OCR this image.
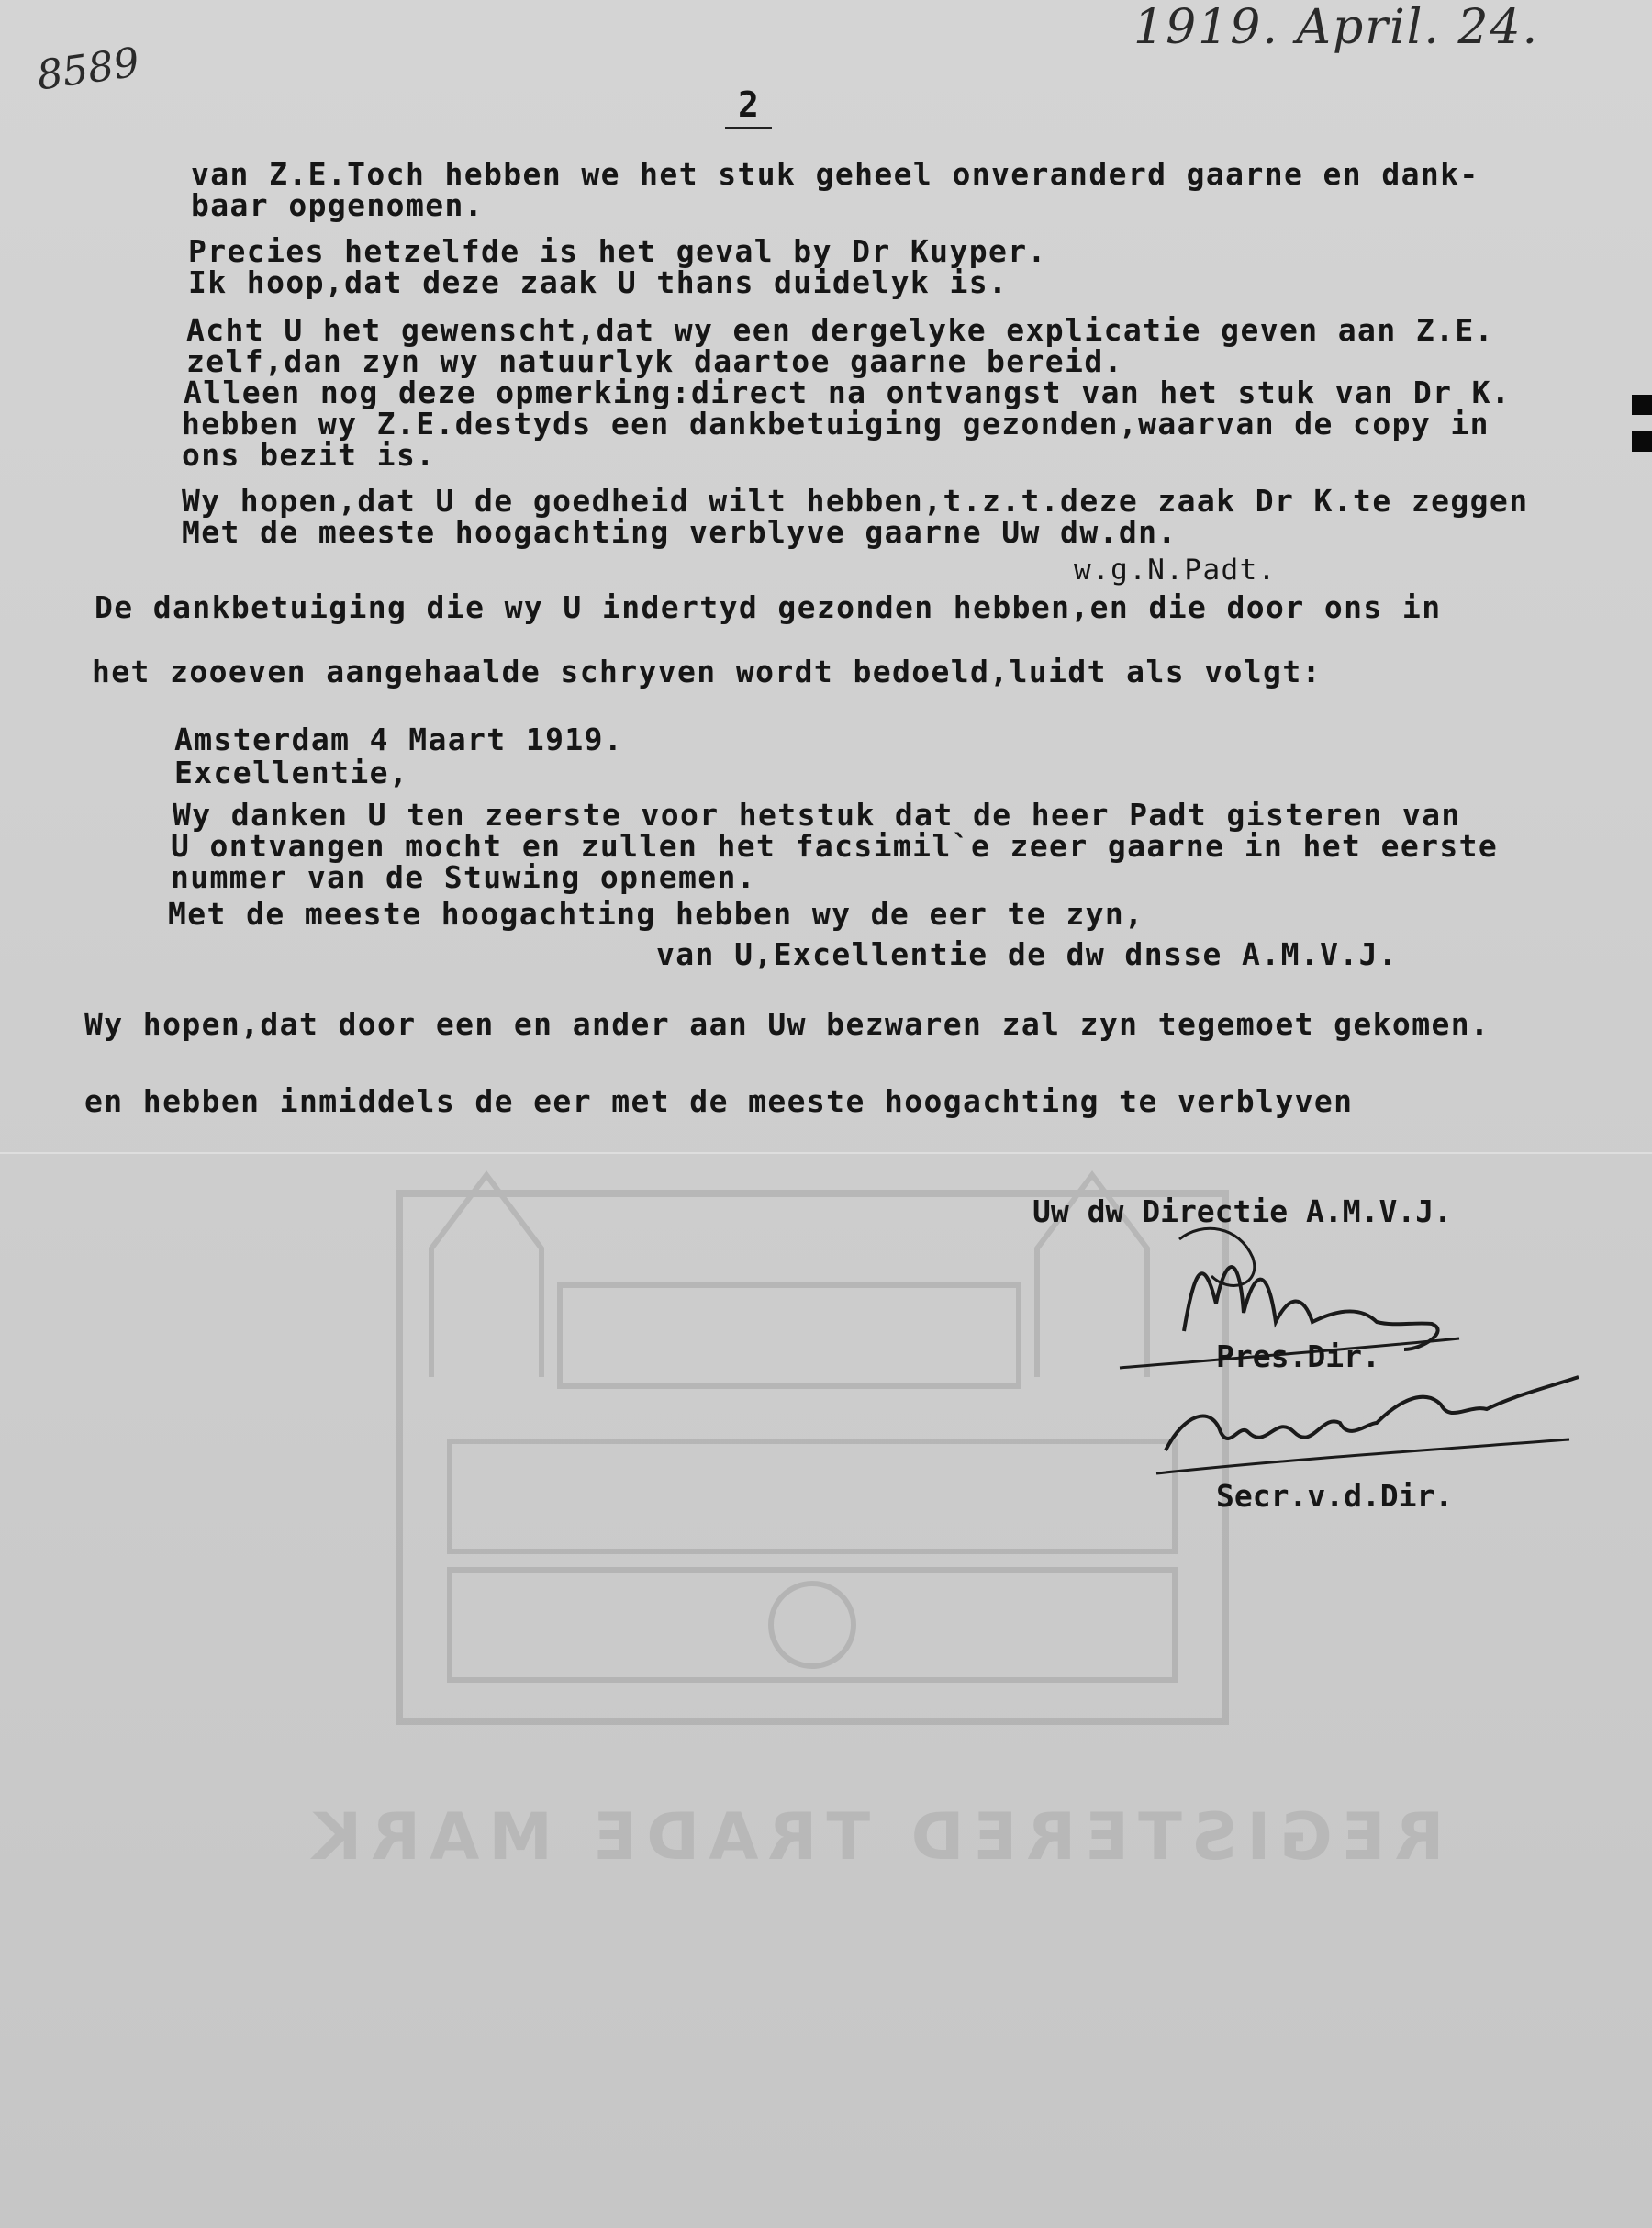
REGISTERED TRADE MARK
8589
1919. April. 24.
2
van Z.E.Toch hebben we het stuk geheel onveranderd gaarne en dank-
baar opgenomen.
Precies hetzelfde is het geval by Dr Kuyper.
Ik hoop,dat deze zaak U thans duidelyk is.
Acht U het gewenscht,dat wy een dergelyke explicatie geven aan Z.E.
zelf,dan zyn wy natuurlyk daartoe gaarne bereid.
Alleen nog deze opmerking:direct na ontvangst van het stuk van Dr K.
hebben wy Z.E.destyds een dankbetuiging gezonden,waarvan de copy in
ons bezit is.
Wy hopen,dat U de goedheid wilt hebben,t.z.t.deze zaak Dr K.te zeggen
Met de meeste hoogachting verblyve gaarne Uw dw.dn.
w.g.N.Padt.
De dankbetuiging die wy U indertyd gezonden hebben,en die door ons in
het zooeven aangehaalde schryven wordt bedoeld,luidt als volgt:
Amsterdam 4 Maart 1919.
Excellentie,
Wy danken U ten zeerste voor hetstuk dat de heer Padt gisteren van
U ontvangen mocht en zullen het facsimil`e zeer gaarne in het eerste
nummer van de Stuwing opnemen.
Met de meeste hoogachting hebben wy de eer te zyn,
van U,Excellentie de dw dnsse A.M.V.J.
Wy hopen,dat door een en ander aan Uw bezwaren zal zyn tegemoet gekomen.
en hebben inmiddels de eer met de meeste hoogachting te verblyven
Uw dw Directie A.M.V.J.
Pres.Dir.
Secr.v.d.Dir.
